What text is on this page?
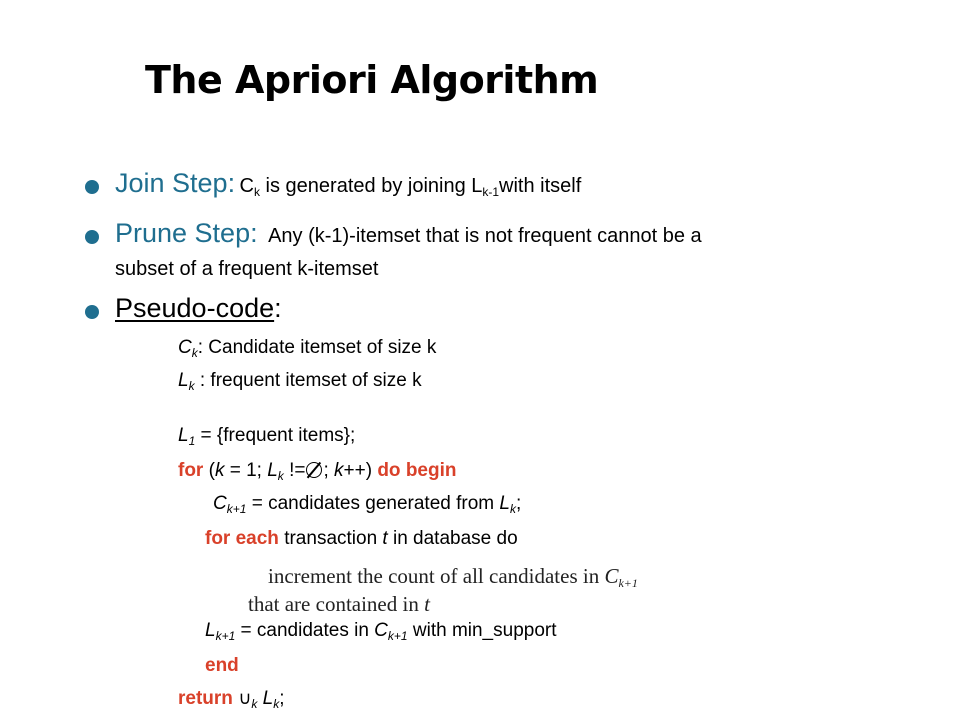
The Apriori Algorithm
Join Step: $C_k$ is generated by joining $L_{k-1}with$ itself
Prune Step: Any (k-1)-itemset that is not frequent cannot be a
subset of a frequent k-itemset
Pseudo-code:
$C_k$: Candidate itemset of size k
$L_k$ : frequent itemset of size k
$L_1$ = {frequent items};
for (k = 1; $L_k$ != ; k++) do begin
$C_{k+1}$ = candidates generated from $L_k$;
for each transaction t in database do
increment the count of all candidates in $C_{k+1}$
that are contained in t
$L_{k+1}$ = candidates in $C_{k+1}$ with min_support
end
return $\cup_k$ $L_k$;
